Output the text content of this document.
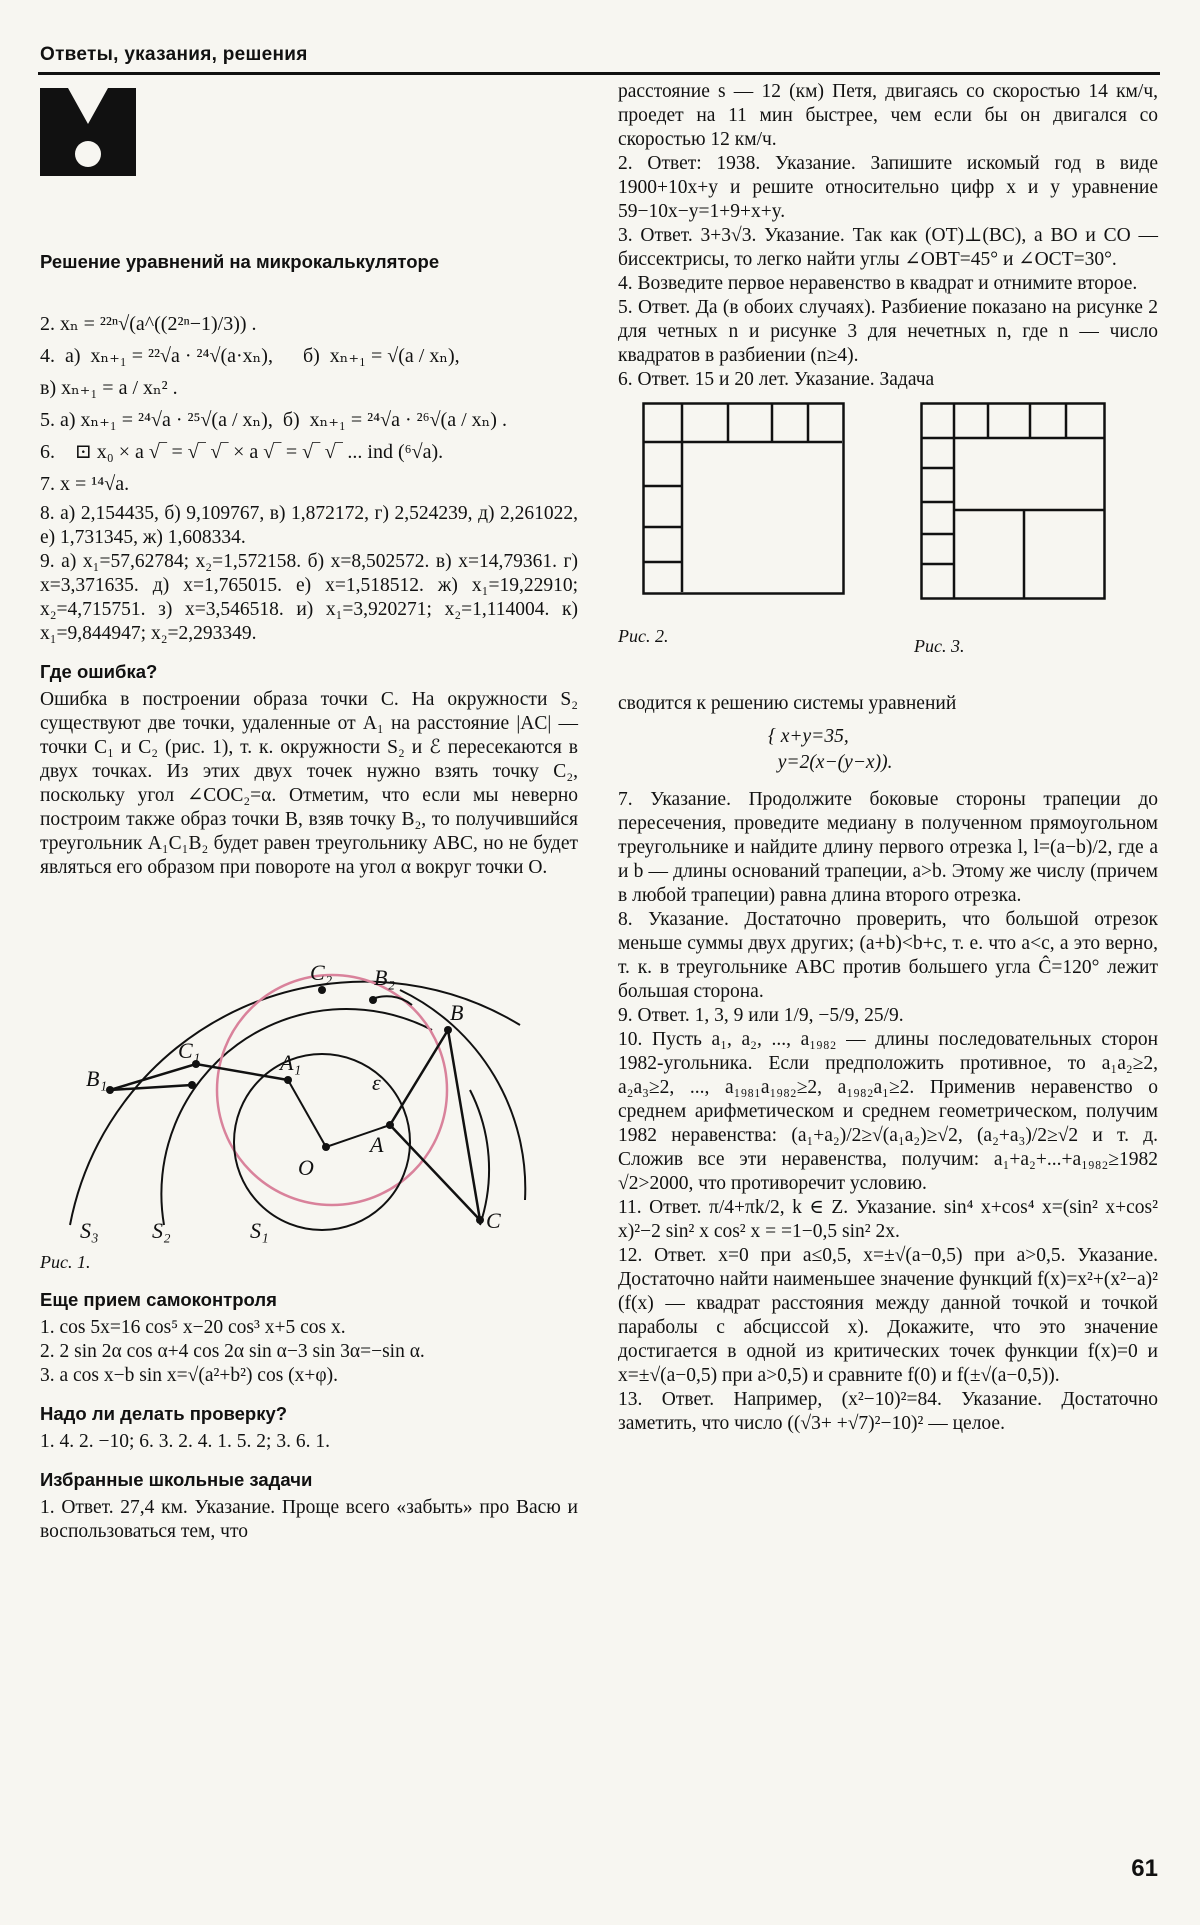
Ответы, указания, решения
Решение уравнений на микрокалькуляторе

2. xₙ = ²²ⁿ√(a^((2²ⁿ−1)/3)) .

4.  а)  xₙ₊₁ = ²²√a · ²⁴√(a·xₙ),      б)  xₙ₊₁ = √(a / xₙ),

в) xₙ₊₁ = a / xₙ² .

5. а) xₙ₊₁ = ²⁴√a · ²⁵√(a / xₙ),  б)  xₙ₊₁ = ²⁴√a · ²⁶√(a / xₙ) .

6.    ⊡ x₀ × a √‾ = √‾ √‾ × a √‾ = √‾ √‾ ... ind (⁶√a).

7. x = ¹⁴√a.

8. а) 2,154435, б) 9,109767, в) 1,872172, г) 2,524239, д) 2,261022, е) 1,731345, ж) 1,608334.

9. а) x₁=57,62784; x₂=1,572158. б) x=8,502572. в) x=14,79361. г) x=3,371635. д) x=1,765015. е) x=1,518512. ж) x₁=19,22910; x₂=4,715751. з) x=3,546518. и) x₁=3,920271; x₂=1,114004. к) x₁=9,844947; x₂=2,293349.

Где ошибка?

Ошибка в построении образа точки C. На окружности S₂ существуют две точки, удаленные от A₁ на расстояние |AC| — точки C₁ и C₂ (рис. 1), т. к. окружности S₂ и ℰ пересекаются в двух точках. Из этих двух точек нужно взять точку C₂, поскольку угол ∠COC₂=α. Отметим, что если мы неверно построим также образ точки B, взяв точку B₂, то получившийся треугольник A₁C₁B₂ будет равен треугольнику ABC, но не будет являться его образом при повороте на угол α вокруг точки O.

B₂
B
C₂
C₁
B₁
A₁
ε
A
O
C
S₃ S₂	S₁

Рис. 1.

Еще прием самоконтроля

1. cos 5x=16 cos⁵ x−20 cos³ x+5 cos x.

2. 2 sin 2α cos α+4 cos 2α sin α−3 sin 3α=−sin α.

3. a cos x−b sin x=√(a²+b²) cos (x+φ).

Надо ли делать проверку?

1. 4. 2. −10; 6. 3. 2. 4. 1. 5. 2; 3. 6. 1.

Избранные школьные задачи

1. Ответ. 27,4 км. Указание. Проще всего «забыть» про Васю и воспользоваться тем, что

расстояние s — 12 (км) Петя, двигаясь со скоростью 14 км/ч, проедет на 11 мин быстрее, чем если бы он двигался со скоростью 12 км/ч.

2. Ответ: 1938. Указание. Запишите искомый год в виде 1900+10x+y и решите относительно цифр x и y уравнение 59−10x−y=1+9+x+y.

3. Ответ. 3+3√3. Указание. Так как (OT)⊥(BC), а BO и CO — биссектрисы, то легко найти углы ∠OBT=45° и ∠OCT=30°.

4. Возведите первое неравенство в квадрат и отнимите второе.

5. Ответ. Да (в обоих случаях). Разбиение показано на рисунке 2 для четных n и рисунке 3 для нечетных n, где n — число квадратов в разбиении (n≥4).

6. Ответ. 15 и 20 лет. Указание. Задача

Рис. 2.	Рис. 3.

сводится к решению системы уравнений

{ x+y=35,
y=2(x−(y−x)).

7. Указание. Продолжите боковые стороны трапеции до пересечения, проведите медиану в полученном прямоугольном треугольнике и найдите длину первого отрезка l, l=(a−b)/2, где a и b — длины оснований трапеции, a>b. Этому же числу (причем в любой трапеции) равна длина второго отрезка.

8. Указание. Достаточно проверить, что большой отрезок меньше суммы двух других; (a+b)<b+c, т. е. что a<c, а это верно, т. к. в треугольнике ABC против большего угла Ĉ=120° лежит большая сторона.

9. Ответ. 1, 3, 9 или 1/9, −5/9, 25/9.

10. Пусть a₁, a₂, ..., a₁₉₈₂ — длины последовательных сторон 1982-угольника. Если предположить противное, то a₁a₂≥2, a₂a₃≥2, ..., a₁₉₈₁a₁₉₈₂≥2, a₁₉₈₂a₁≥2. Применив неравенство о среднем арифметическом и среднем геометрическом, получим 1982 неравенства: (a₁+a₂)/2≥√(a₁a₂)≥√2, (a₂+a₃)/2≥√2 и т. д. Сложив все эти неравенства, получим: a₁+a₂+...+a₁₉₈₂≥1982 √2>2000, что противоречит условию.

11. Ответ. π/4+πk/2, k ∈ Z. Указание. sin⁴ x+cos⁴ x=(sin² x+cos² x)²−2 sin² x cos² x = =1−0,5 sin² 2x.

12. Ответ. x=0 при a≤0,5, x=±√(a−0,5) при a>0,5. Указание. Достаточно найти наименьшее значение функций f(x)=x²+(x²−a)² (f(x) — квадрат расстояния между данной точкой и точкой параболы с абсциссой x). Докажите, что это значение достигается в одной из критических точек функции f(x)=0 и x=±√(a−0,5) при a>0,5) и сравните f(0) и f(±√(a−0,5)).

13. Ответ. Например, (x²−10)²=84. Указание. Достаточно заметить, что число ((√3+ +√7)²−10)² — целое.

61
